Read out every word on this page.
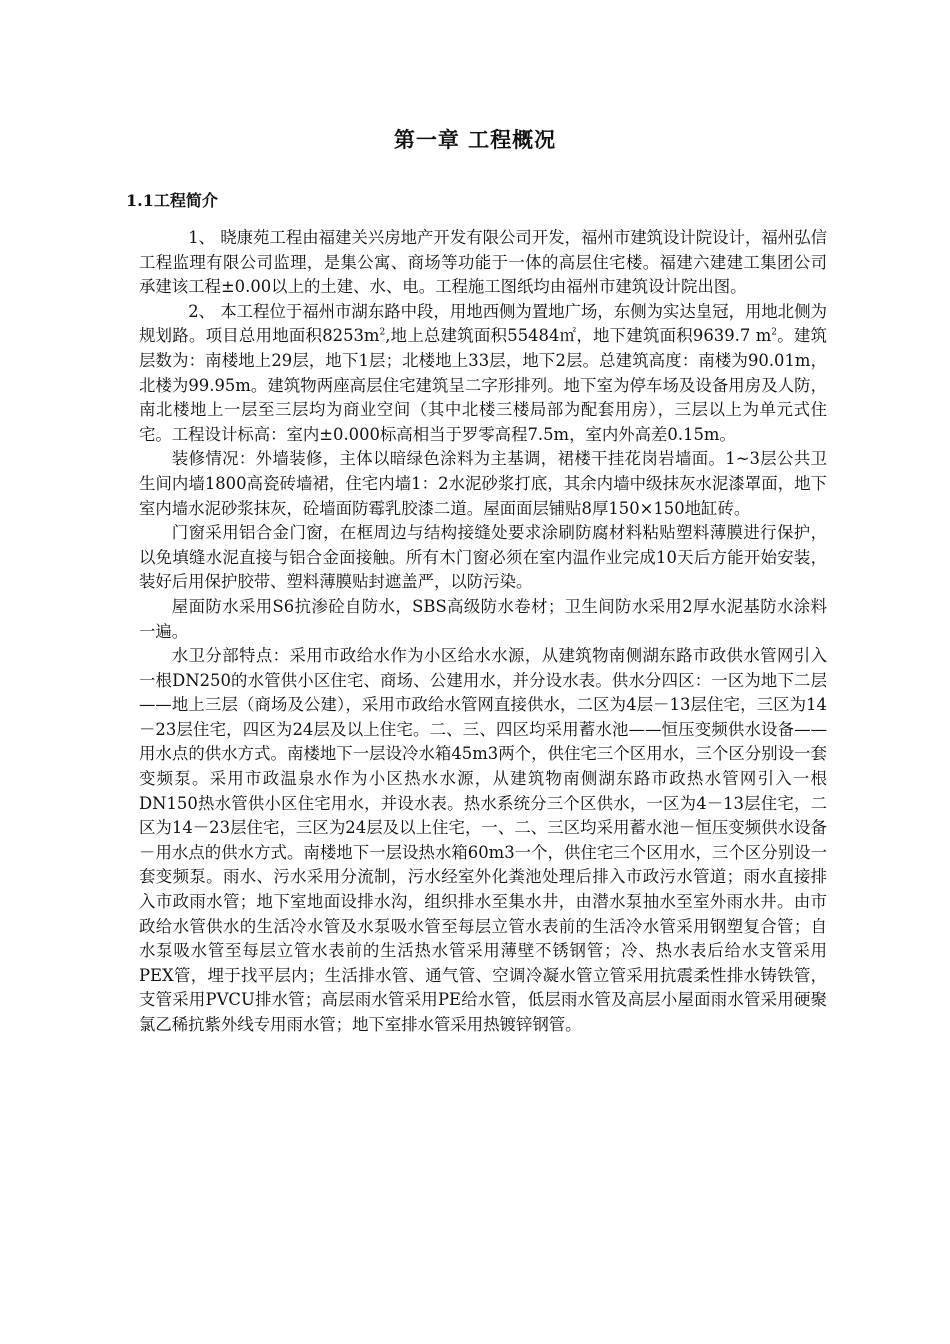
第一章 工程概况
1.1工程简介

1、 晓康苑工程由福建关兴房地产开发有限公司开发，福州市建筑设计院设计，福州弘信工程监理有限公司监理，是集公寓、商场等功能于一体的高层住宅楼。福建六建建工集团公司承建该工程±0.00以上的土建、水、电。工程施工图纸均由福州市建筑设计院出图。

2、 本工程位于福州市湖东路中段，用地西侧为置地广场，东侧为实达皇冠，用地北侧为规划路。项目总用地面积$8253m^2$,地上总建筑面积55484㎡，地下建筑面积9639.7 $m^2$。建筑层数为：南楼地上29层，地下1层；北楼地上33层，地下2层。总建筑高度：南楼为90.01m，北楼为99.95m。建筑物两座高层住宅建筑呈二字形排列。地下室为停车场及设备用房及人防，南北楼地上一层至三层均为商业空间（其中北楼三楼局部为配套用房），三层以上为单元式住宅。工程设计标高：室内±0.000标高相当于罗零高程7.5m，室内外高差0.15m。

装修情况：外墙装修，主体以暗绿色涂料为主基调，裙楼干挂花岗岩墙面。1~3层公共卫生间内墙1800高瓷砖墙裙，住宅内墙1：2水泥砂浆打底，其余内墙中级抹灰水泥漆罩面，地下室内墙水泥砂浆抹灰，砼墙面防霉乳胶漆二道。屋面面层铺贴8厚150×150地缸砖。

门窗采用铝合金门窗，在框周边与结构接缝处要求涂刷防腐材料粘贴塑料薄膜进行保护，以免填缝水泥直接与铝合金面接触。所有木门窗必须在室内温作业完成10天后方能开始安装，装好后用保护胶带、塑料薄膜贴封遮盖严，以防污染。

屋面防水采用S6抗渗砼自防水，SBS高级防水卷材；卫生间防水采用2厚水泥基防水涂料一遍。

水卫分部特点：采用市政给水作为小区给水水源，从建筑物南侧湖东路市政供水管网引入一根DN250的水管供小区住宅、商场、公建用水，并分设水表。供水分四区：一区为地下二层——地上三层（商场及公建），采用市政给水管网直接供水，二区为4层－13层住宅，三区为14－23层住宅，四区为24层及以上住宅。二、三、四区均采用蓄水池——恒压变频供水设备——用水点的供水方式。南楼地下一层设冷水箱45m3两个，供住宅三个区用水，三个区分别设一套变频泵。采用市政温泉水作为小区热水水源，从建筑物南侧湖东路市政热水管网引入一根DN150热水管供小区住宅用水，并设水表。热水系统分三个区供水，一区为4－13层住宅，二区为14－23层住宅，三区为24层及以上住宅，一、二、三区均采用蓄水池－恒压变频供水设备－用水点的供水方式。南楼地下一层设热水箱60m3一个，供住宅三个区用水，三个区分别设一套变频泵。雨水、污水采用分流制，污水经室外化粪池处理后排入市政污水管道；雨水直接排入市政雨水管；地下室地面设排水沟，组织排水至集水井，由潜水泵抽水至室外雨水井。由市政给水管供水的生活冷水管及水泵吸水管至每层立管水表前的生活冷水管采用钢塑复合管；自水泵吸水管至每层立管水表前的生活热水管采用薄壁不锈钢管；冷、热水表后给水支管采用PEX管，埋于找平层内；生活排水管、通气管、空调冷凝水管立管采用抗震柔性排水铸铁管，支管采用PVCU排水管；高层雨水管采用PE给水管，低层雨水管及高层小屋面雨水管采用硬聚氯乙稀抗紫外线专用雨水管；地下室排水管采用热镀锌钢管。
